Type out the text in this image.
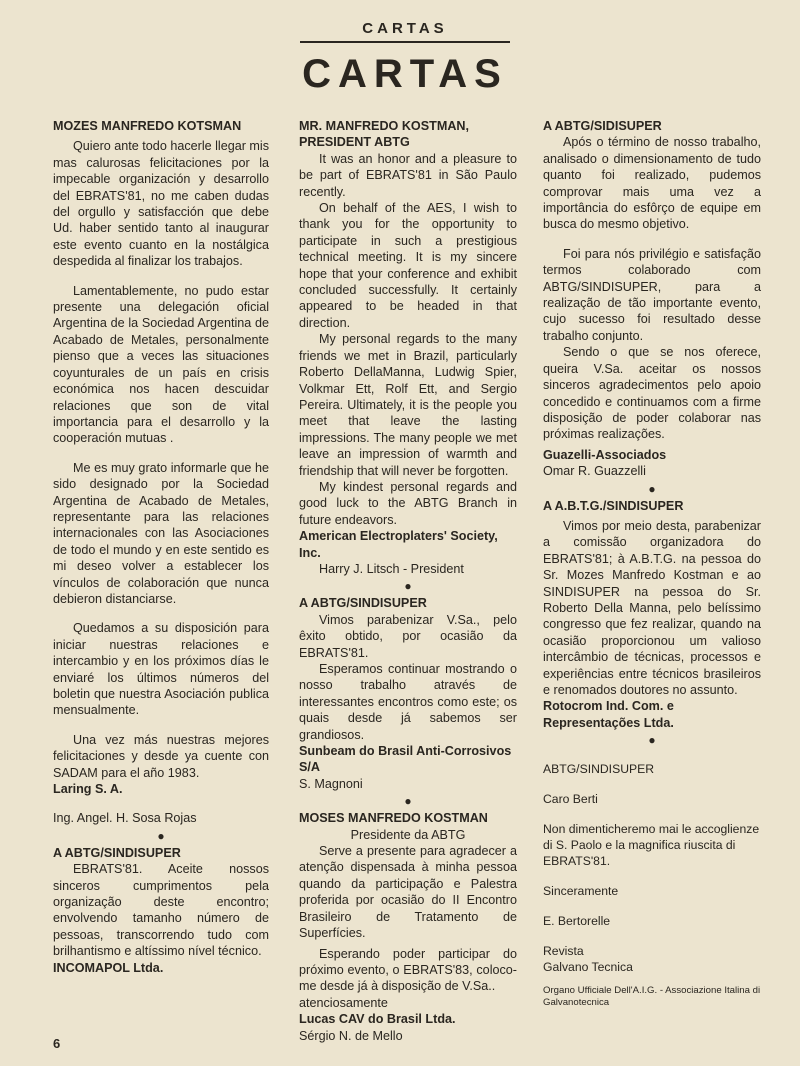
CARTAS
CARTAS

MOZES MANFREDO KOTSMAN

Quiero ante todo hacerle llegar mis mas calurosas felicitaciones por la impecable organización y desarrollo del EBRATS'81, no me caben dudas del orgullo y satisfacción que debe Ud. haber sentido tanto al inaugurar este evento cuanto en la nostálgica despedida al finalizar los trabajos.

Lamentablemente, no pudo estar presente una delegación oficial Argentina de la Sociedad Argentina de Acabado de Metales, personalmente pienso que a veces las situaciones coyunturales de un país en crisis económica nos hacen descuidar relaciones que son de vital importancia para el desarrollo y la cooperación mutuas .

Me es muy grato informarle que he sido designado por la Sociedad Argentina de Acabado de Metales, representante para las relaciones internacionales con las Asociaciones de todo el mundo y en este sentido es mi deseo volver a establecer los vínculos de colaboración que nunca debieron distanciarse.

Quedamos a su disposición para iniciar nuestras relaciones e intercambio y en los próximos días le enviaré los últimos números del boletin que nuestra Asociación publica mensualmente.

Una vez más nuestras mejores felicitaciones y desde ya cuente con SADAM para el año 1983.

Laring S. A.

Ing. Angel. H. Sosa Rojas

●

A ABTG/SINDISUPER

EBRATS'81. Aceite nossos sinceros cumprimentos pela organização deste encontro; envolvendo tamanho número de pessoas, transcorrendo tudo com brilhantismo e altíssimo nível técnico.

INCOMAPOL Ltda.

MR. MANFREDO KOSTMAN, PRESIDENT ABTG

It was an honor and a pleasure to be part of EBRATS'81 in São Paulo recently.

On behalf of the AES, I wish to thank you for the opportunity to participate in such a prestigious technical meeting. It is my sincere hope that your conference and exhibit concluded successfully. It certainly appeared to be headed in that direction.

My personal regards to the many friends we met in Brazil, particularly Roberto DellaManna, Ludwig Spier, Volkmar Ett, Rolf Ett, and Sergio Pereira. Ultimately, it is the people you meet that leave the lasting impressions. The many people we met leave an impression of warmth and friendship that will never be forgotten.

My kindest personal regards and good luck to the ABTG Branch in future endeavors.

American Electroplaters' Society, Inc.

Harry J. Litsch - President

●

A ABTG/SINDISUPER

Vimos parabenizar V.Sa., pelo êxito obtido, por ocasião da EBRATS'81.

Esperamos continuar mostrando o nosso trabalho através de interessantes encontros como este; os quais desde já sabemos ser grandiosos.

Sunbeam do Brasil Anti-Corrosivos S/A

S. Magnoni

●

MOSES MANFREDO KOSTMAN

Presidente da ABTG

Serve a presente para agradecer a atenção dispensada à minha pessoa quando da participação e Palestra proferida por ocasião do II Encontro Brasileiro de Tratamento de Superfícies.

Esperando poder participar do próximo evento, o EBRATS'83, coloco-me desde já à disposição de V.Sa..

atenciosamente

Lucas CAV do Brasil Ltda.

Sérgio N. de Mello

A ABTG/SIDISUPER

Após o término de nosso trabalho, analisado o dimensionamento de tudo quanto foi realizado, pudemos comprovar mais uma vez a importância do esfôrço de equipe em busca do mesmo objetivo.

Foi para nós privilégio e satisfação termos colaborado com ABTG/SINDISUPER, para a realização de tão importante evento, cujo sucesso foi resultado desse trabalho conjunto.

Sendo o que se nos oferece, queira V.Sa. aceitar os nossos sinceros agradecimentos pelo apoio concedido e continuamos com a firme disposição de poder colaborar nas próximas realizações.

Guazelli-Associados

Omar R. Guazzelli

●

A A.B.T.G./SINDISUPER

Vimos por meio desta, parabenizar a comissão organizadora do EBRATS'81; à A.B.T.G. na pessoa do Sr. Mozes Manfredo Kostman e ao SINDISUPER na pessoa do Sr. Roberto Della Manna, pelo belíssimo congresso que fez realizar, quando na ocasião proporcionou um valioso intercâmbio de técnicas, processos e experiências entre técnicos brasileiros e renomados doutores no assunto.

Rotocrom Ind. Com. e Representações Ltda.

●

ABTG/SINDISUPER

Caro Berti

Non dimenticheremo mai le accoglienze di S. Paolo e la magnifica riuscita di EBRATS'81.

Sinceramente

E. Bertorelle

Revista

Galvano Tecnica

Organo Ufficiale Dell'A.I.G. - Associazione Italina di Galvanotecnica

6
